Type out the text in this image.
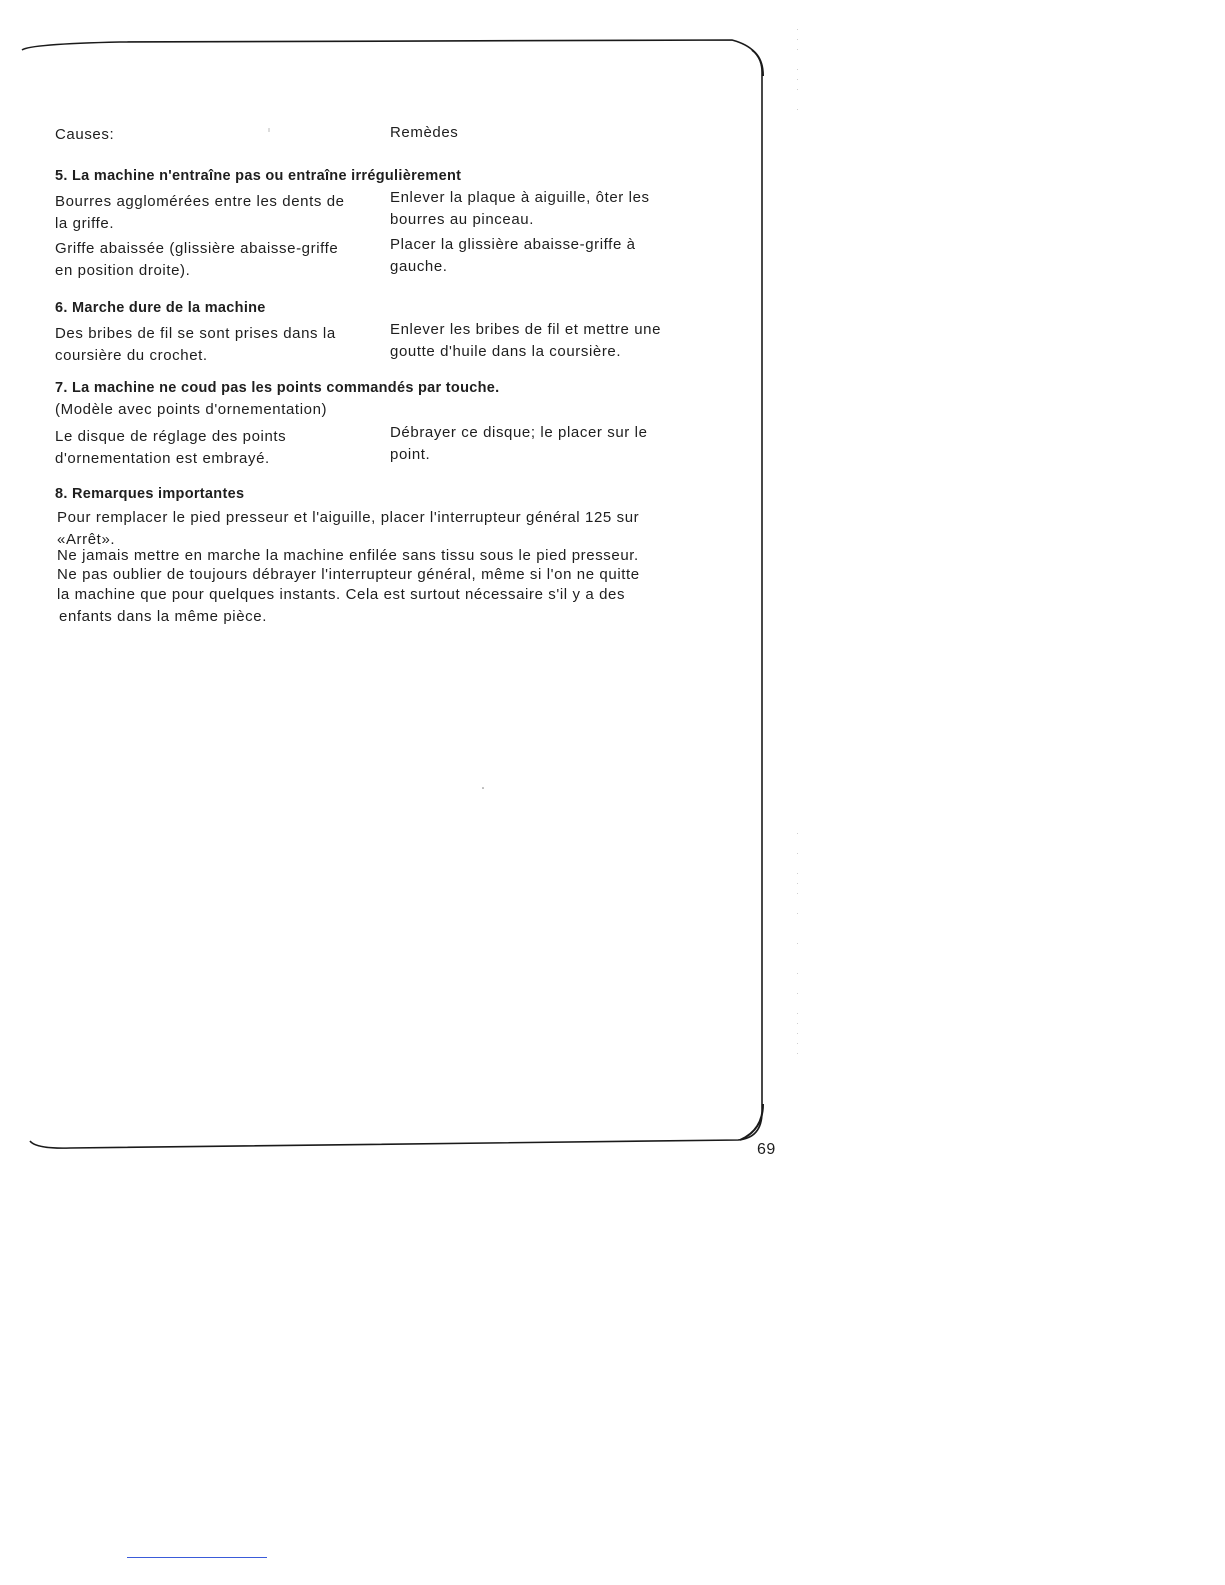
Causes:	Remèdes
5. La machine n'entraîne pas ou entraîne irrégulièrement
Bourres agglomérées entre les dents de
la griffe.
Enlever la plaque à aiguille, ôter les
bourres au pinceau.
Griffe abaissée (glissière abaisse-griffe
en position droite).
Placer la glissière abaisse-griffe à
gauche.
6. Marche dure de la machine
Des bribes de fil se sont prises dans la
coursière du crochet.
Enlever les bribes de fil et mettre une
goutte d'huile dans la coursière.
7. La machine ne coud pas les points commandés par touche.
(Modèle avec points d'ornementation)
Le disque de réglage des points
d'ornementation est embrayé.
Débrayer ce disque; le placer sur le
point.
8. Remarques importantes
Pour remplacer le pied presseur et l'aiguille, placer l'interrupteur général 125 sur
«Arrêt».
Ne jamais mettre en marche la machine enfilée sans tissu sous le pied presseur.
Ne pas oublier de toujours débrayer l'interrupteur général, même si l'on ne quitte
la machine que pour quelques instants. Cela est surtout nécessaire s'il y a des
enfants dans la même pièce.
69
·
·
·

·
·
·

·
·

·

·
·
·

·

·

·

·

·
·
·
·
·
